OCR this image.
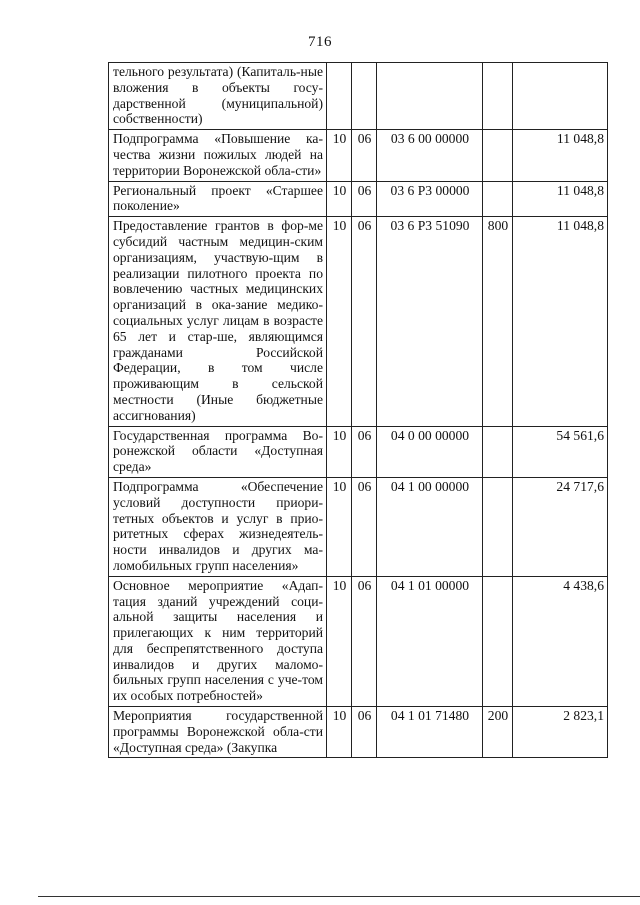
716
тельного результата) (Капиталь-ные вложения в объекты госу-дарственной (муниципальной) собственности)					
Подпрограмма «Повышение ка-чества жизни пожилых людей на территории Воронежской обла-сти»	10	06	03 6 00 00000		11 048,8
Региональный проект «Старшее поколение»	10	06	03 6 P3 00000		11 048,8
Предоставление грантов в фор-ме субсидий частным медицин-ским организациям, участвую-щим в реализации пилотного проекта по вовлечению частных медицинских организаций в ока-зание медико-социальных услуг лицам в возрасте 65 лет и стар-ше, являющимся гражданами Российской Федерации, в том числе проживающим в сельской местности (Иные бюджетные ассигнования)	10	06	03 6 P3 51090	800	11 048,8
Государственная программа Во-ронежской области «Доступная среда»	10	06	04 0 00 00000		54 561,6
Подпрограмма «Обеспечение условий доступности приори-тетных объектов и услуг в прио-ритетных сферах жизнедеятель-ности инвалидов и других ма-ломобильных групп населения»	10	06	04 1 00 00000		24 717,6
Основное мероприятие «Адап-тация зданий учреждений соци-альной защиты населения и прилегающих к ним территорий для беспрепятственного доступа инвалидов и других маломо-бильных групп населения с уче-том их особых потребностей»	10	06	04 1 01 00000		4 438,6
Мероприятия государственной программы Воронежской обла-сти «Доступная среда» (Закупка	10	06	04 1 01 71480	200	2 823,1
